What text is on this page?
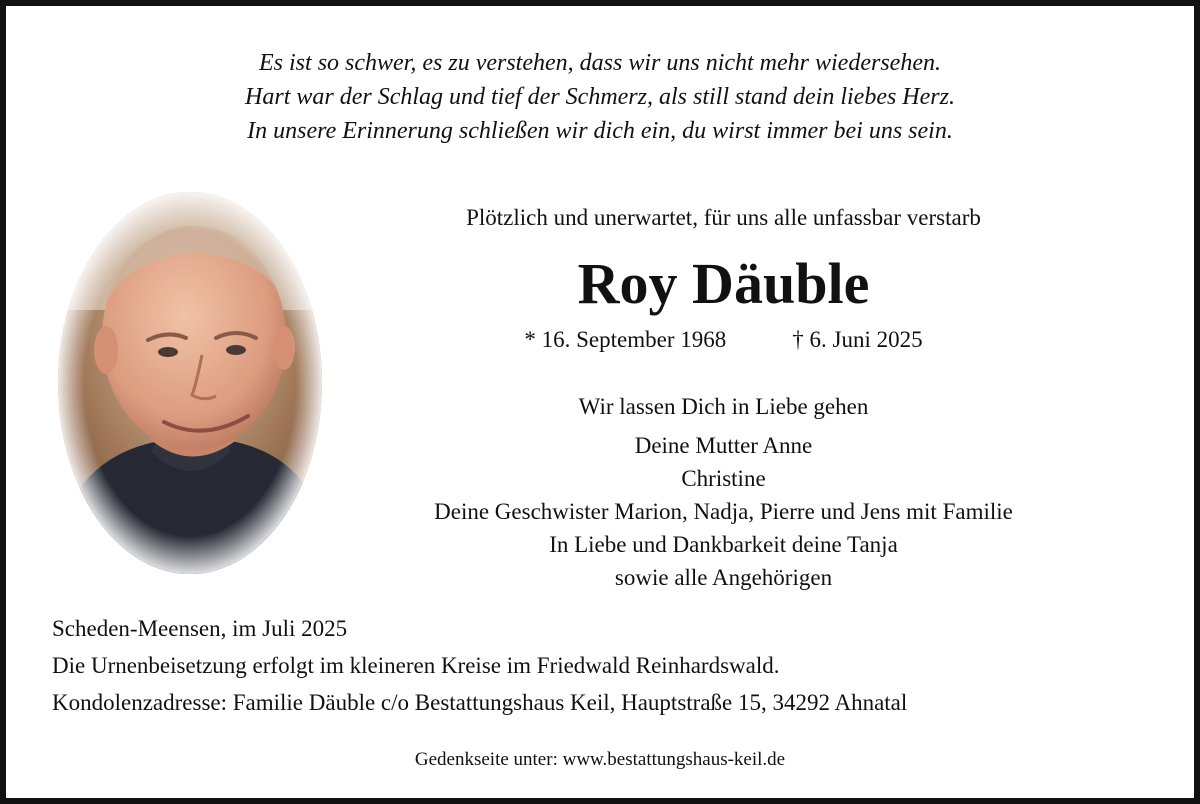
Es ist so schwer, es zu verstehen, dass wir uns nicht mehr wiedersehen.
Hart war der Schlag und tief der Schmerz, als still stand dein liebes Herz.
In unsere Erinnerung schließen wir dich ein, du wirst immer bei uns sein.
Plötzlich und unerwartet, für uns alle unfassbar verstarb
Roy Däuble
* 16. September 1968	† 6. Juni 2025
Wir lassen Dich in Liebe gehen
Deine Mutter Anne
Christine
Deine Geschwister Marion, Nadja, Pierre und Jens mit Familie
In Liebe und Dankbarkeit deine Tanja
sowie alle Angehörigen
Scheden-Meensen, im Juli 2025
Die Urnenbeisetzung erfolgt im kleineren Kreise im Friedwald Reinhardswald.
Kondolenzadresse: Familie Däuble c/o Bestattungshaus Keil, Hauptstraße 15, 34292 Ahnatal
Gedenkseite unter: www.bestattungshaus-keil.de
